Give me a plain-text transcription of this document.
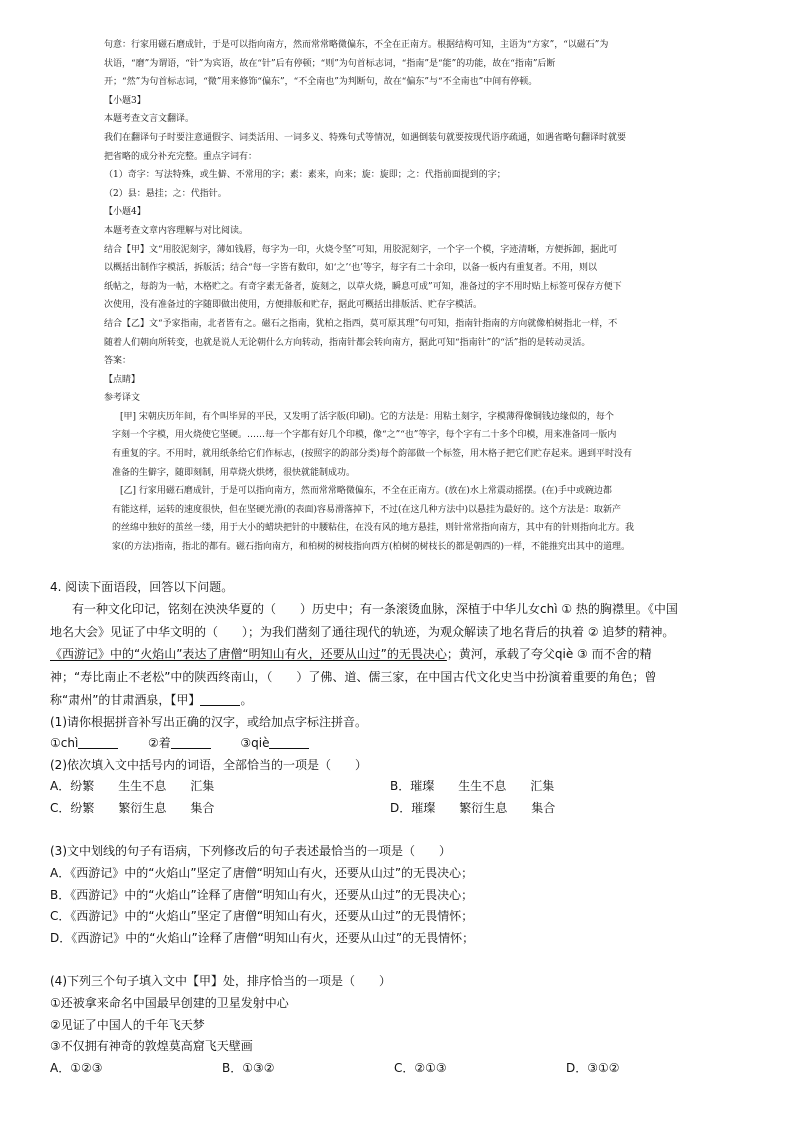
句意：行家用磁石磨成针，于是可以指向南方，然而常常略微偏东，不全在正南方。根据结构可知，主语为“方家”，“以磁石”为

状语，“磨”为谓语，“针”为宾语，故在“针”后有停顿；“则”为句首标志词，“指南”是“能”的功能，故在“指南”后断

开；“然”为句首标志词，“微”用来修饰“偏东”，“不全南也”为判断句，故在“偏东”与“不全南也”中间有停顿。

【小题3】

本题考查文言文翻译。

我们在翻译句子时要注意通假字、词类活用、一词多义、特殊句式等情况，如遇倒装句就要按现代语序疏通，如遇省略句翻译时就要

把省略的成分补充完整。重点字词有：

（1）奇字：写法特殊，或生僻、不常用的字；素：素来，向来；旋：旋即；之：代指前面提到的字；

（2）县：悬挂；之：代指针。

【小题4】

本题考查文章内容理解与对比阅读。

结合【甲】文“用胶泥刻字，薄如钱唇，每字为一印，火烧令坚”可知，用胶泥刻字，一个字一个模，字迹清晰，方便拆卸，据此可

以概括出制作字模活，拆版活；结合“每一字皆有数印，如‘之’‘也’等字，每字有二十余印，以备一板内有重复者。不用，则以

纸帖之，每韵为一帖，木格贮之。有奇字素无备者，旋刻之，以草火烧，瞬息可成”可知，准备过的字不用时贴上标签可保存方便下

次使用，没有准备过的字随即做出使用，方便排版和贮存，据此可概括出排版活、贮存字模活。

结合【乙】文“予家指南，北者皆有之。磁石之指南，犹柏之指西，莫可原其理”句可知，指南针指南的方向就像柏树指北一样，不

随着人们朝向所转变，也就是说人无论朝什么方向转动，指南针都会转向南方，据此可知“指南针”的“活”指的是转动灵活。

答案：

【点睛】

参考译文

[甲] 宋朝庆历年间，有个叫毕昇的平民，又发明了活字版(印刷)。它的方法是：用粘土刻字，字模薄得像铜钱边缘似的，每个

字刻一个字模，用火烧使它坚硬。……每一个字都有好几个印模，像“之”“也”等字，每个字有二十多个印模，用来准备同一版内

有重复的字。不用时，就用纸条给它们作标志，(按照字的韵部分类)每个韵部做一个标签，用木格子把它们贮存起来。遇到平时没有

准备的生僻字，随即刻制，用草烧火烘烤，很快就能制成功。

[乙] 行家用磁石磨成针，于是可以指向南方，然而常常略微偏东，不全在正南方。(放在)水上常震动摇摆。(在)手中或碗边都

有能这样，运转的速度很快，但在坚硬光滑(的表面)容易滑落掉下，不过(在这几种方法中)以悬挂为最好的。这个方法是：取新产

的丝绵中独好的茧丝一缕，用于大小的蜡块把针的中腰粘住，在没有风的地方悬挂，则针常常指向南方，其中有的针则指向北方。我

家(的方法)指南，指北的都有。磁石指向南方，和柏树的树枝指向西方(柏树的树枝长的都是朝西的)一样，不能推究出其中的道理。

4. 阅读下面语段，回答以下问题。

有一种文化印记，铭刻在泱泱华夏的（　　）历史中；有一条滚烫血脉，深植于中华儿女chì ① 热的胸襟里。《中国

地名大会》见证了中华文明的（　　）；为我们凿刻了通往现代的轨迹，为观众解读了地名背后的执着 ② 追梦的精神。

《西游记》中的“火焰山”表达了唐僧“明知山有火，还要从山过”的无畏决心；黄河，承载了夸父qiè ③ 而不舍的精

神；“寿比南止不老松”中的陕西终南山，（　　）了佛、道、儒三家，在中国古代文化史当中扮演着重要的角色；曾

称“肃州”的甘肃酒泉，【甲】	。

(1)请你根据拼音补写出正确的汉字，或给加点字标注拼音。

①chì	②着	③qiè

(2)依次填入文中括号内的词语，全部恰当的一项是（　　）

A．纷繁 生生不息 汇集	B．璀璨 生生不息 汇集
C．纷繁 繁衍生息 集合	D．璀璨 繁衍生息 集合

(3)文中划线的句子有语病，下列修改后的句子表述最恰当的一项是（　　）

A．《西游记》中的“火焰山”坚定了唐僧“明知山有火，还要从山过”的无畏决心；

B．《西游记》中的“火焰山”诠释了唐僧“明知山有火，还要从山过”的无畏决心；

C．《西游记》中的“火焰山”坚定了唐僧“明知山有火，还要从山过”的无畏情怀；

D．《西游记》中的“火焰山”诠释了唐僧“明知山有火，还要从山过”的无畏情怀；

(4)下列三个句子填入文中【甲】处，排序恰当的一项是（　　）

①还被拿来命名中国最早创建的卫星发射中心

②见证了中国人的千年飞天梦

③不仅拥有神奇的敦煌莫高窟飞天壁画

A．①②③	B．①③②	C．②①③	D．③①②
